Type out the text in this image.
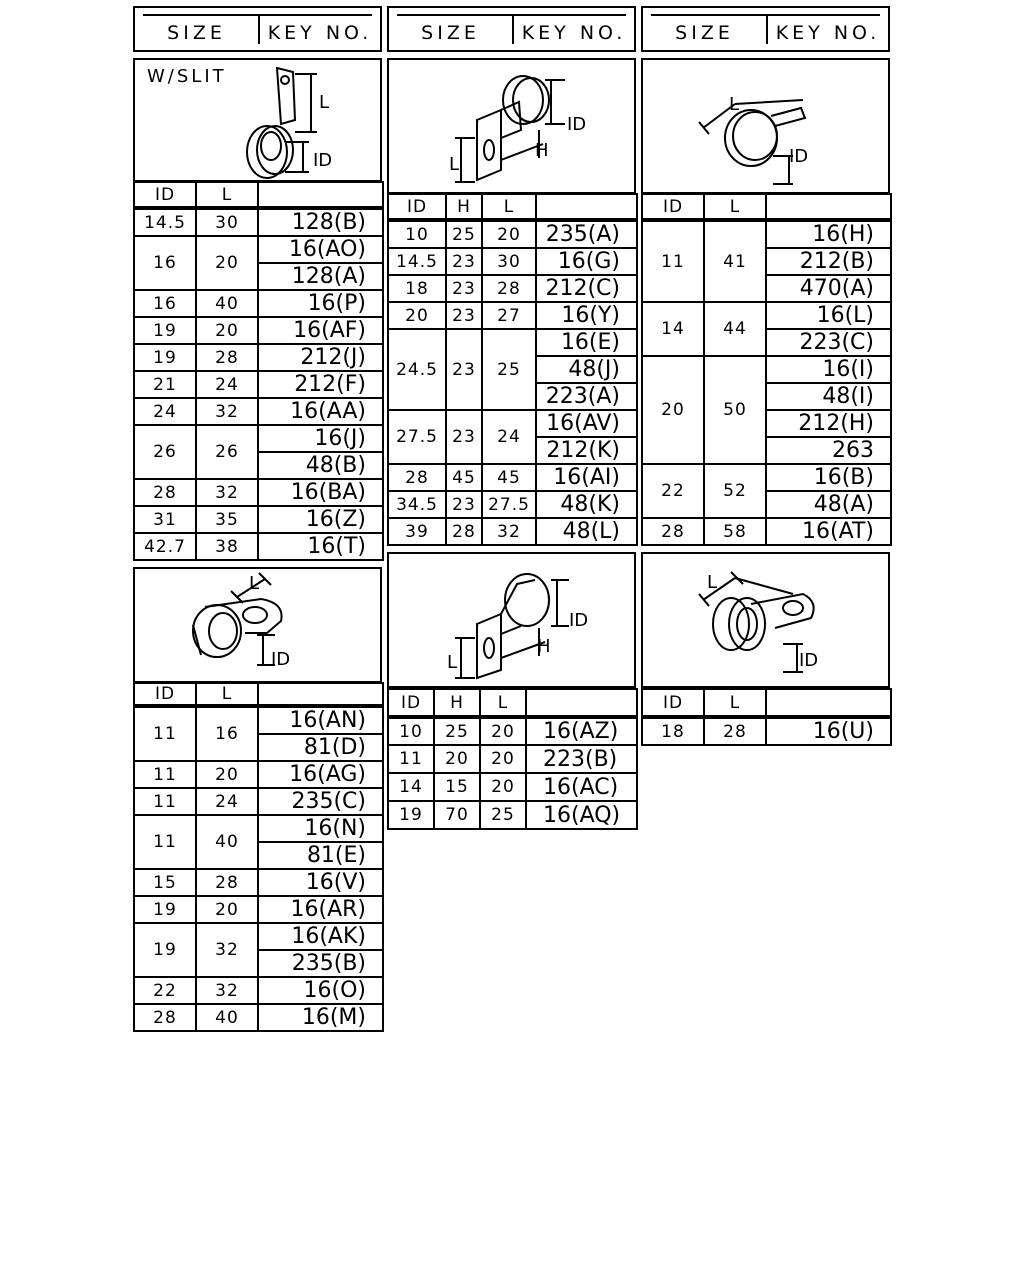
SIZE	KEY NO.	SIZE	KEY NO.	SIZE	KEY NO.
W/SLIT
L
ID
ID
H
L
L
ID
L
ID
ID
H
L
L
ID
ID	L	
14.5	30	128(B)
16	20	16(AO)
		128(A)
16	40	16(P)
19	20	16(AF)
19	28	212(J)
21	24	212(F)
24	32	16(AA)
26	26	16(J)
		48(B)
28	32	16(BA)
31	35	16(Z)
42.7	38	16(T)
ID	H	L	
10	25	20	235(A)
14.5	23	30	16(G)
18	23	28	212(C)
20	23	27	16(Y)
24.5	23	25	16(E)
			48(J)
			223(A)
27.5	23	24	16(AV)
			212(K)
28	45	45	16(AI)
34.5	23	27.5	48(K)
39	28	32	48(L)
ID	L	
11	41	16(H)
		212(B)
		470(A)
14	44	16(L)
		223(C)
20	50	16(I)
		48(I)
		212(H)
		263
22	52	16(B)
		48(A)
28	58	16(AT)
ID	L	
11	16	16(AN)
		81(D)
11	20	16(AG)
11	24	235(C)
11	40	16(N)
		81(E)
15	28	16(V)
19	20	16(AR)
19	32	16(AK)
		235(B)
22	32	16(O)
28	40	16(M)
ID	H	L	
10	25	20	16(AZ)
11	20	20	223(B)
14	15	20	16(AC)
19	70	25	16(AQ)
ID	L	
18	28	16(U)
